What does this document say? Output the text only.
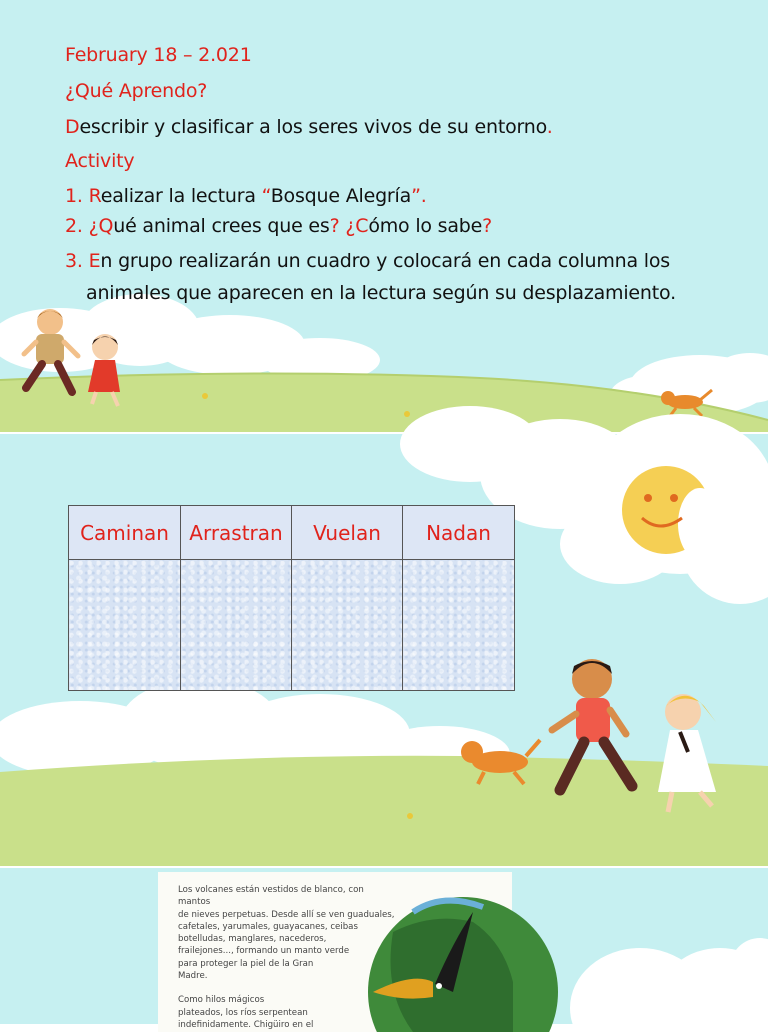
February 18 – 2.021
¿Qué Aprendo?
Describir y clasificar a los seres vivos de su entorno.
Activity
1. Realizar la lectura “Bosque Alegría”.
2. ¿Qué animal crees que es? ¿Cómo lo sabe?
3. En grupo realizarán un cuadro y colocará en cada columna los
animales que aparecen en la lectura según su desplazamiento.
Caminan	Arrastran	Vuelan	Nadan

Los volcanes están vestidos de blanco, con mantos

de nieves perpetuas. Desde allí se ven guaduales,

cafetales, yarumales, guayacanes, ceibas

botelludas, manglares, nacederos,

frailejones..., formando un manto verde

para proteger la piel de la Gran

Madre.

Como hilos mágicos

plateados, los ríos serpentean

indefinidamente. Chigüiro en el
